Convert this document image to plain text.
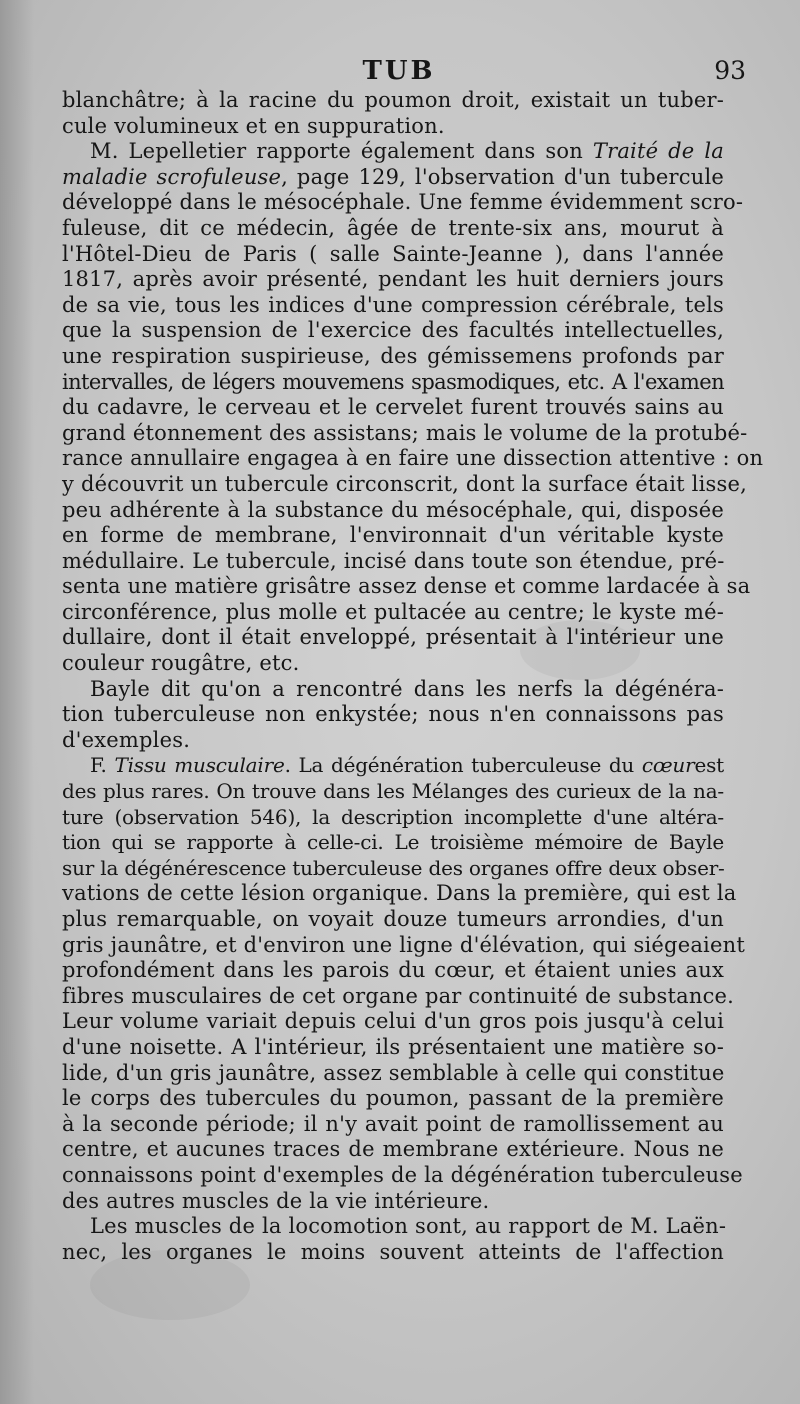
TUB	93
blanchâtre; à la racine du poumon droit, existait un tuber-
cule volumineux et en suppuration.
M. Lepelletier rapporte également dans son Traité de la
maladie scrofuleuse, page 129, l'observation d'un tubercule
développé dans le mésocéphale. Une femme évidemment scro-
fuleuse, dit ce médecin, âgée de trente-six ans, mourut à
l'Hôtel-Dieu de Paris ( salle Sainte-Jeanne ), dans l'année
1817, après avoir présenté, pendant les huit derniers jours
de sa vie, tous les indices d'une compression cérébrale, tels
que la suspension de l'exercice des facultés intellectuelles,
une respiration suspirieuse, des gémissemens profonds par
intervalles, de légers mouvemens spasmodiques, etc. A l'examen
du cadavre, le cerveau et le cervelet furent trouvés sains au
grand étonnement des assistans; mais le volume de la protubé-
rance annullaire engagea à en faire une dissection attentive : on
y découvrit un tubercule circonscrit, dont la surface était lisse,
peu adhérente à la substance du mésocéphale, qui, disposée
en forme de membrane, l'environnait d'un véritable kyste
médullaire. Le tubercule, incisé dans toute son étendue, pré-
senta une matière grisâtre assez dense et comme lardacée à sa
circonférence, plus molle et pultacée au centre; le kyste mé-
dullaire, dont il était enveloppé, présentait à l'intérieur une
couleur rougâtre, etc.
Bayle dit qu'on a rencontré dans les nerfs la dégénéra-
tion tuberculeuse non enkystée; nous n'en connaissons pas
d'exemples.
F. Tissu musculaire. La dégénération tuberculeuse du cœurest
des plus rares. On trouve dans les Mélanges des curieux de la na-
ture (observation 546), la description incomplette d'une altéra-
tion qui se rapporte à celle-ci. Le troisième mémoire de Bayle
sur la dégénérescence tuberculeuse des organes offre deux obser-
vations de cette lésion organique. Dans la première, qui est la
plus remarquable, on voyait douze tumeurs arrondies, d'un
gris jaunâtre, et d'environ une ligne d'élévation, qui siégeaient
profondément dans les parois du cœur, et étaient unies aux
fibres musculaires de cet organe par continuité de substance.
Leur volume variait depuis celui d'un gros pois jusqu'à celui
d'une noisette. A l'intérieur, ils présentaient une matière so-
lide, d'un gris jaunâtre, assez semblable à celle qui constitue
le corps des tubercules du poumon, passant de la première
à la seconde période; il n'y avait point de ramollissement au
centre, et aucunes traces de membrane extérieure. Nous ne
connaissons point d'exemples de la dégénération tuberculeuse
des autres muscles de la vie intérieure.
Les muscles de la locomotion sont, au rapport de M. Laën-
nec, les organes le moins souvent atteints de l'affection
